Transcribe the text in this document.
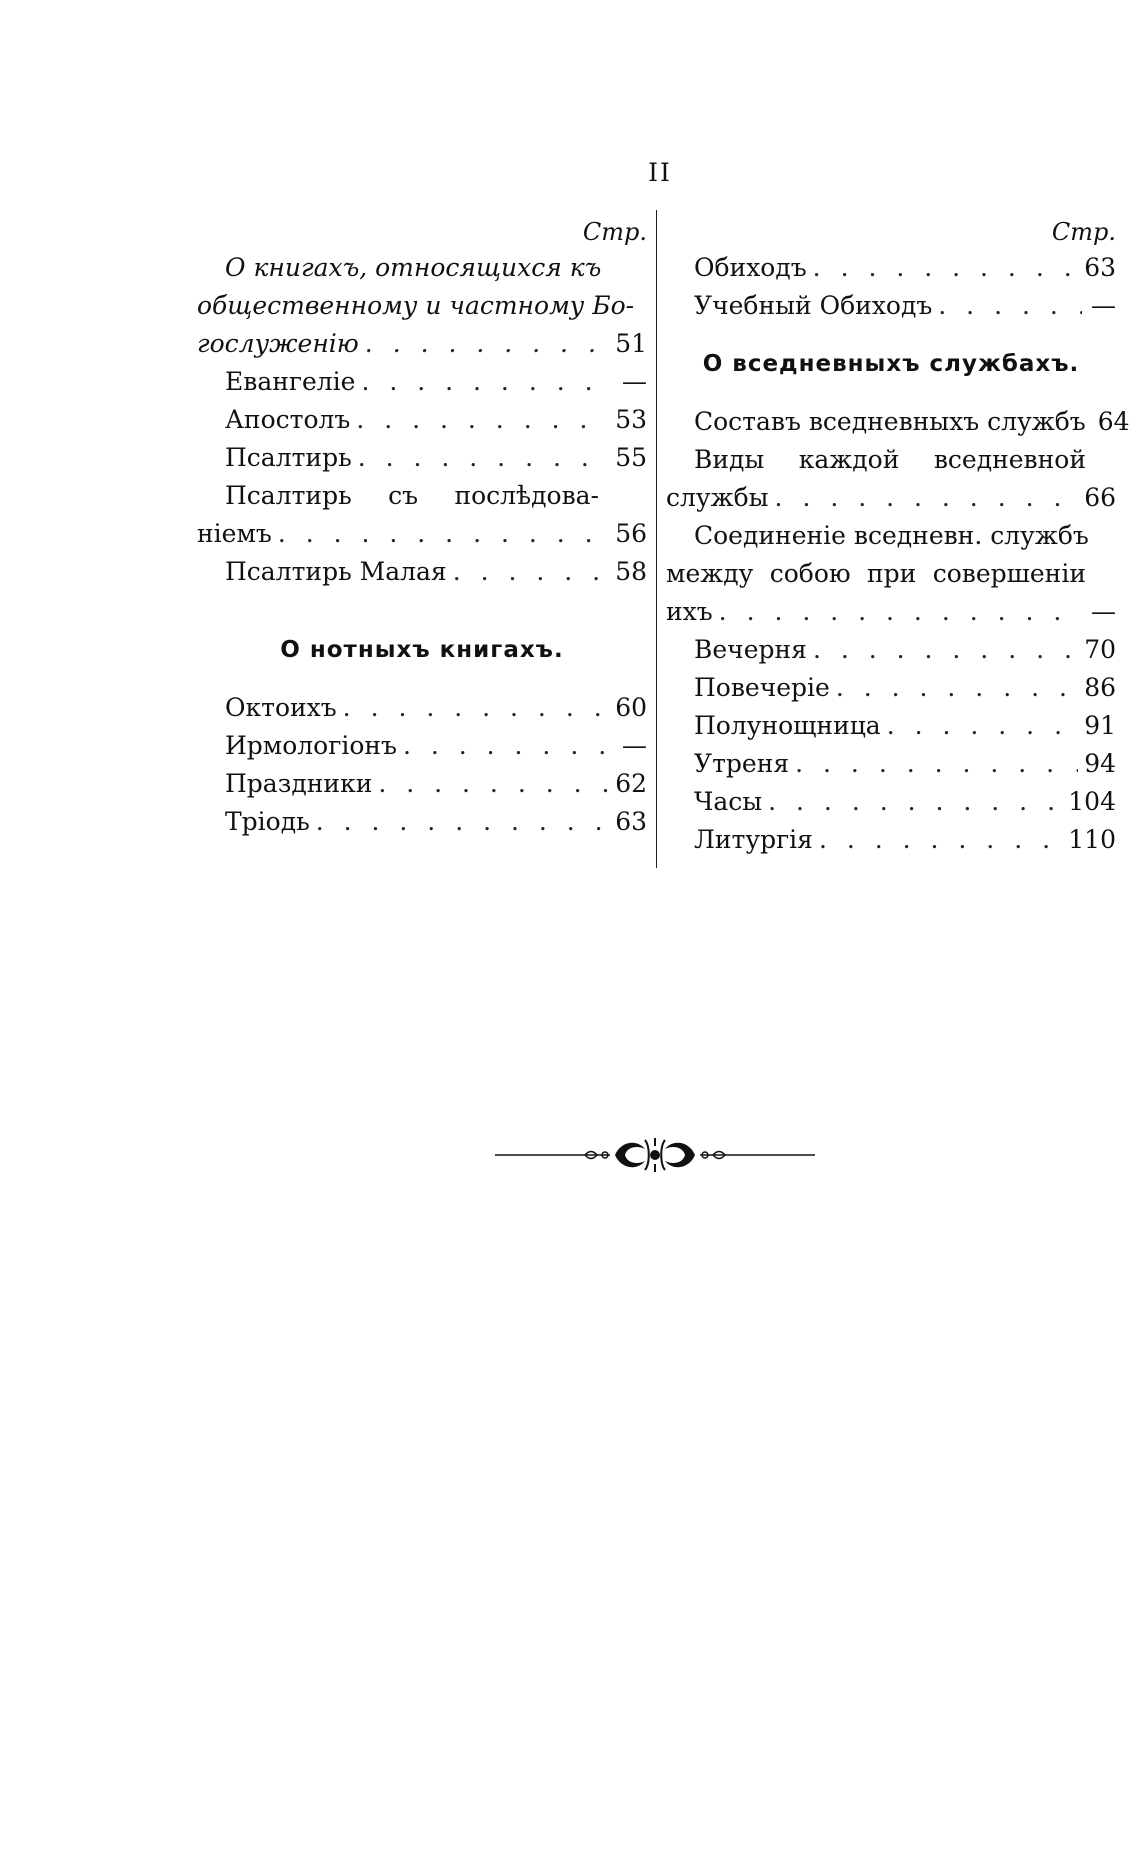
II
Стр.
О книгахъ, относящихся къ
общественному и частному Бо-
гослуженію . . .	51
Евангеліе . . .	—
Апостолъ . . .	53
Псалтирь . . .	55
Псалтирь съ послѣдова-
ніемъ . . .	56
Псалтирь Малая . . .	58
О нотныхъ книгахъ.
Октоихъ . . .	60
Ирмологіонъ . . .	—
Праздники . . .	62
Тріодь . . .	63
Стр.
Обиходъ . . .	63
Учебный Обиходъ . . .	—
О вседневныхъ службахъ.
Составъ вседневныхъ службъ 64
Виды каждой вседневной
службы . . .	66
Соединеніе вседневн. службъ
между собою при совершеніи
ихъ . . .	—
Вечерня . . .	70
Повечеріе . . .	86
Полунощница . . .	91
Утреня . . .	94
Часы . . .	104
Литургія . . .	110
